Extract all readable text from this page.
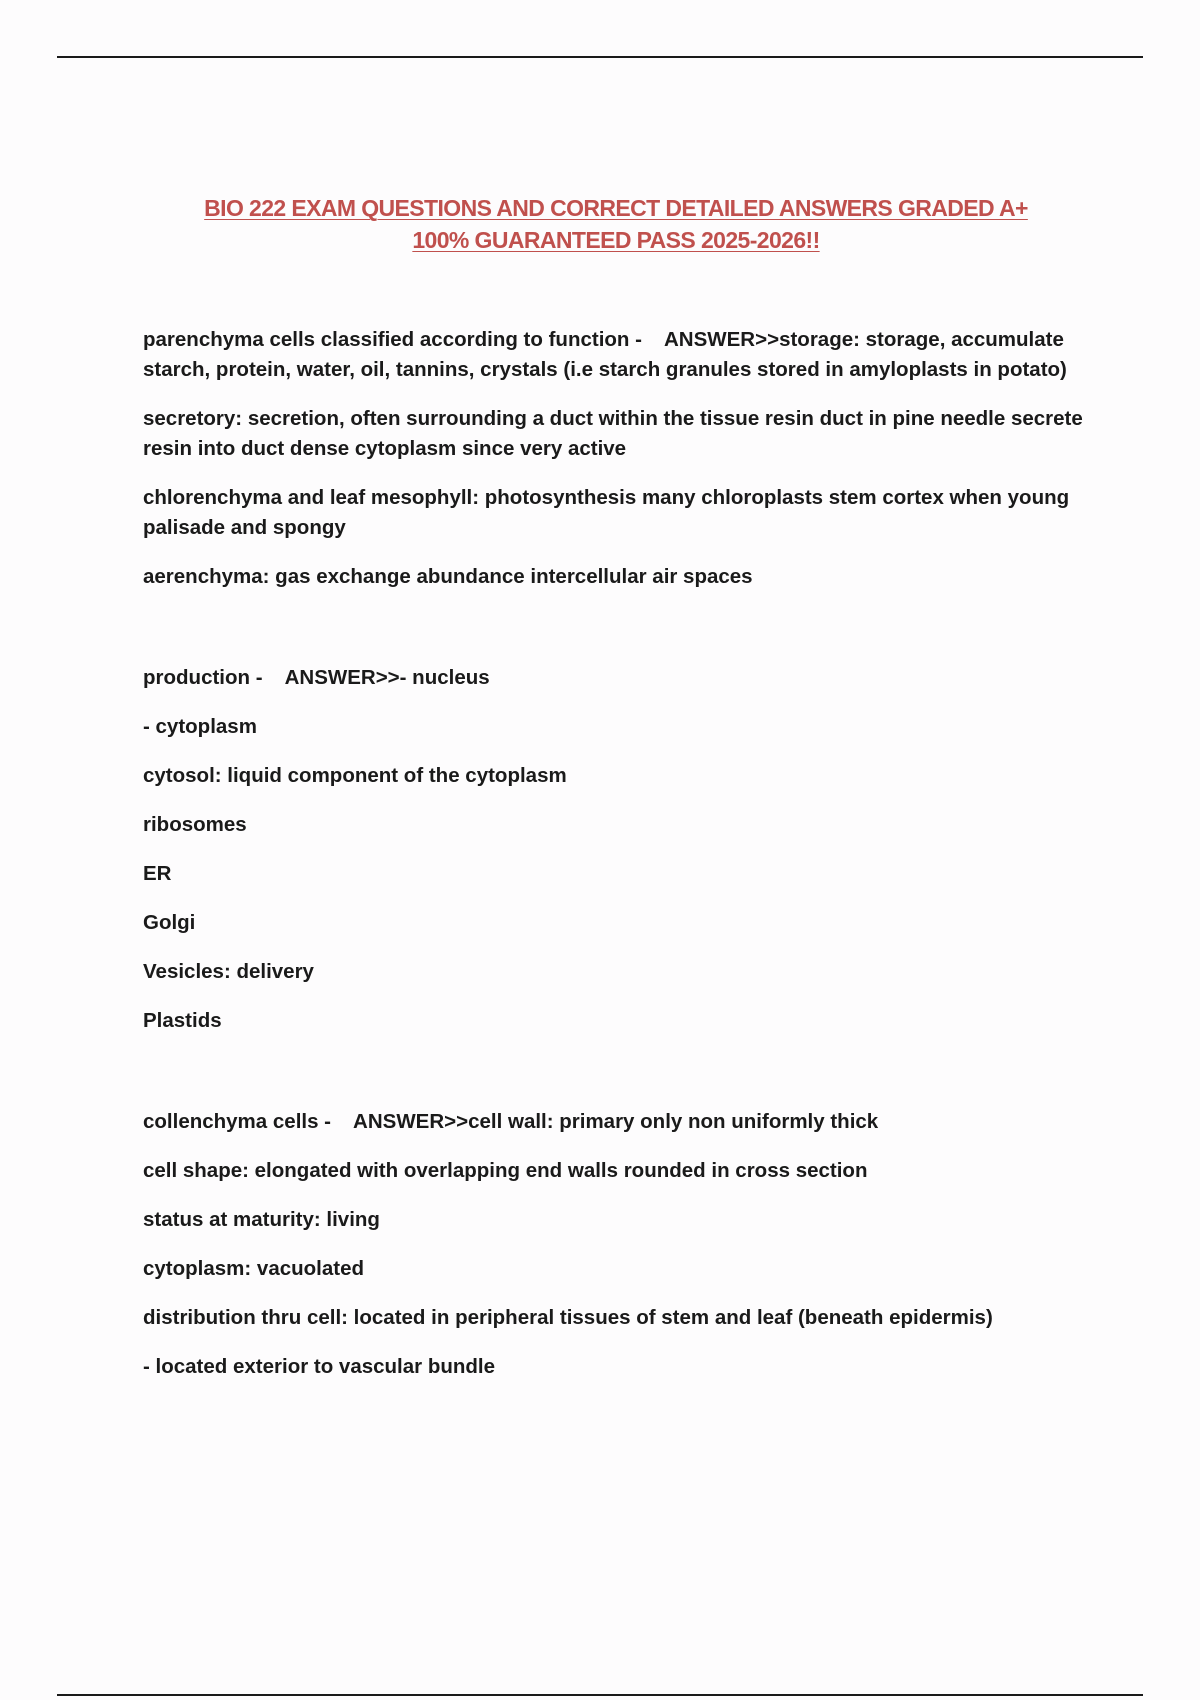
BIO 222 EXAM QUESTIONS AND CORRECT DETAILED ANSWERS GRADED A+
100% GUARANTEED PASS 2025-2026!!

parenchyma cells classified according to function - ANSWER>>storage: storage, accumulate starch, protein, water, oil, tannins, crystals (i.e starch granules stored in amyloplasts in potato)

secretory: secretion, often surrounding a duct within the tissue resin duct in pine needle secrete resin into duct dense cytoplasm since very active

chlorenchyma and leaf mesophyll: photosynthesis many chloroplasts stem cortex when young palisade and spongy

aerenchyma: gas exchange abundance intercellular air spaces

production - ANSWER>>- nucleus

- cytoplasm

cytosol: liquid component of the cytoplasm

ribosomes

ER

Golgi

Vesicles: delivery

Plastids

collenchyma cells - ANSWER>>cell wall: primary only non uniformly thick

cell shape: elongated with overlapping end walls rounded in cross section

status at maturity: living

cytoplasm: vacuolated

distribution thru cell: located in peripheral tissues of stem and leaf (beneath epidermis)

- located exterior to vascular bundle
